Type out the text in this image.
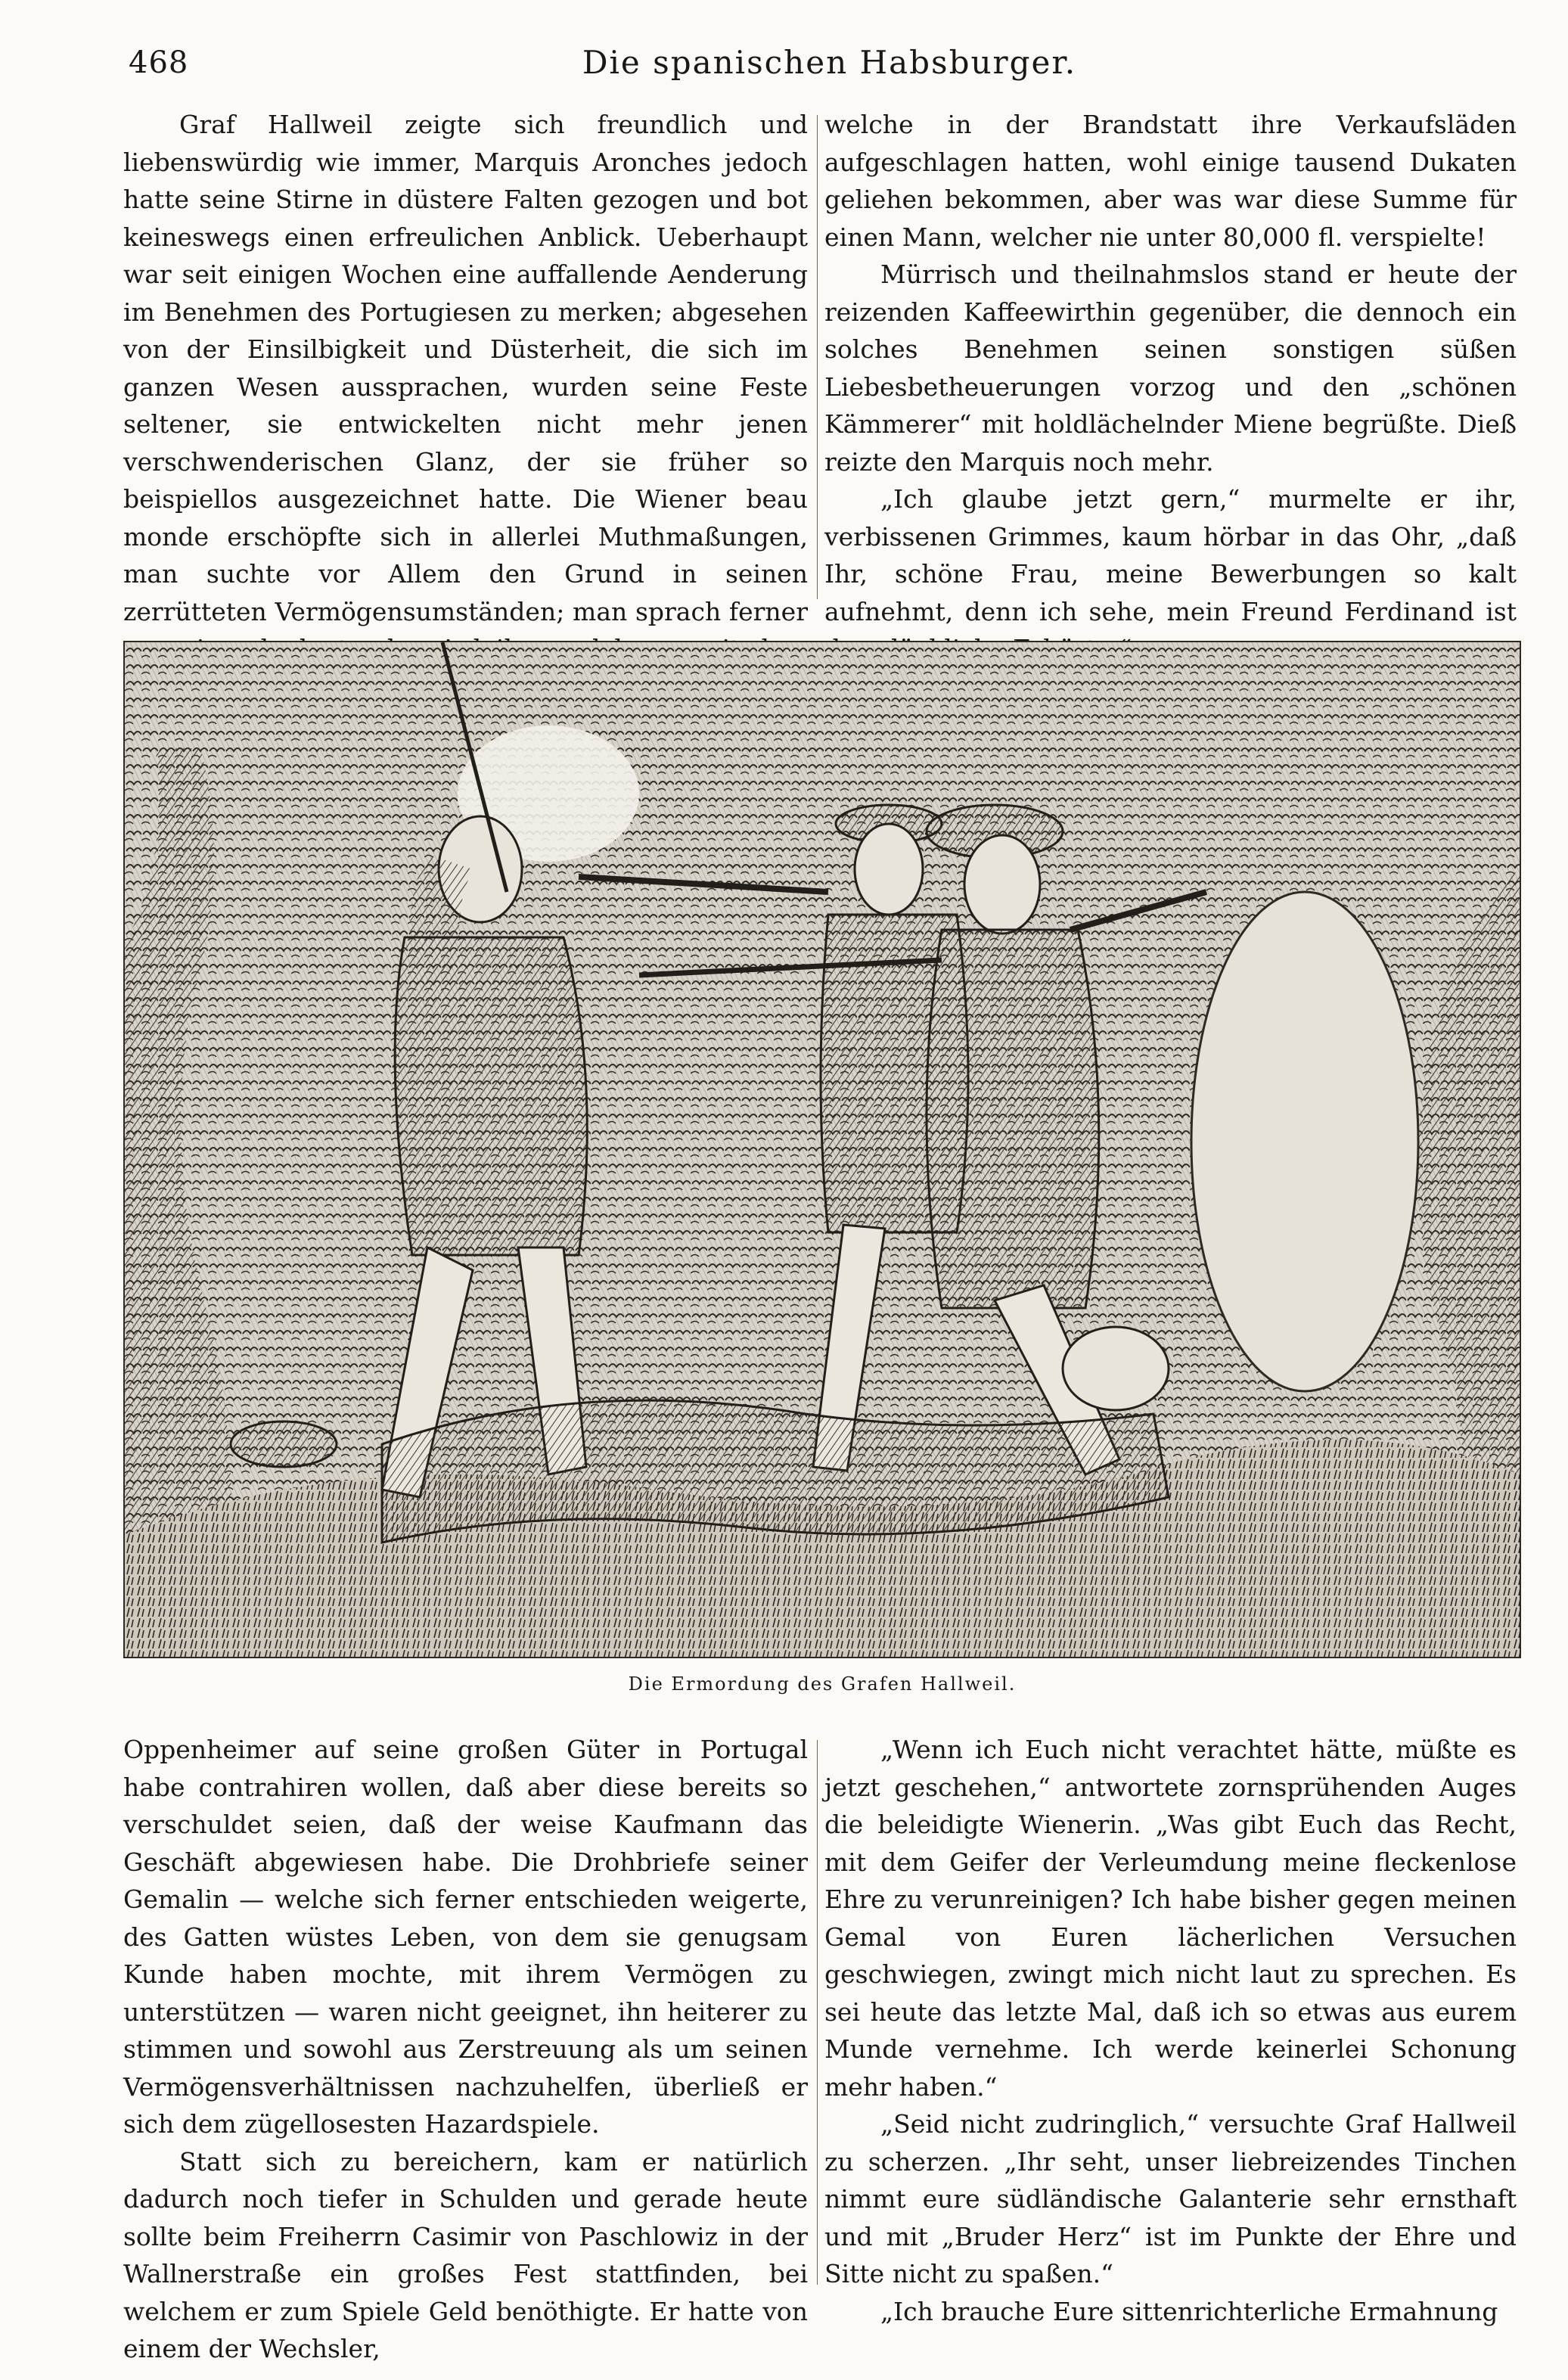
468	Die spanischen Habsburger.

Graf Hallweil zeigte sich freundlich und liebenswürdig wie immer, Marquis Aronches jedoch hatte seine Stirne in düstere Falten gezogen und bot keineswegs einen erfreulichen Anblick. Ueberhaupt war seit einigen Wochen eine auffallende Aenderung im Benehmen des Portugiesen zu merken; abgesehen von der Einsilbigkeit und Düsterheit, die sich im ganzen Wesen aussprachen, wurden seine Feste seltener, sie entwickelten nicht mehr jenen verschwenderischen Glanz, der sie früher so beispiellos ausgezeichnet hatte. Die Wiener beau monde erschöpfte sich in allerlei Muthmaßungen, man suchte vor Allem den Grund in seinen zerrütteten Vermögensumständen; man sprach ferner

welche in der Brandstatt ihre Verkaufsläden aufgeschlagen hatten, wohl einige tausend Dukaten geliehen bekommen, aber was war diese Summe für einen Mann, welcher nie unter 80,000 fl. verspielte!

Mürrisch und theilnahmslos stand er heute der reizenden Kaffeewirthin gegenüber, die dennoch ein solches Benehmen seinen sonstigen süßen Liebesbetheuerungen vorzog und den „schönen Kämmerer“ mit holdlächelnder Miene begrüßte. Dieß reizte den Marquis noch mehr.

„Ich glaube jetzt gern,“ murmelte er ihr, verbissenen Grimmes, kaum hörbar in das Ohr, „daß Ihr, schöne Frau, meine Bewerbungen so kalt aufnehmt, denn ich sehe, mein Freund Ferdinand ist

Die Ermordung des Grafen Hallweil.

Oppenheimer auf seine großen Güter in Portugal habe contrahiren wollen, daß aber diese bereits so verschuldet seien, daß der weise Kaufmann das Geschäft abgewiesen habe. Die Drohbriefe seiner Gemalin — welche sich ferner entschieden weigerte, des Gatten wüstes Leben, von dem sie genugsam Kunde haben mochte, mit ihrem Vermögen zu unterstützen — waren nicht geeignet, ihn heiterer zu stimmen und sowohl aus Zerstreuung als um seinen Vermögensverhältnissen nachzuhelfen, überließ er sich dem zügellosesten Hazardspiele.

Statt sich zu bereichern, kam er natürlich dadurch noch tiefer in Schulden und gerade heute sollte beim Freiherrn Casimir von Paschlowiz in der Wallnerstraße ein großes Fest stattfinden, bei welchem er zum Spiele Geld benöthigte. Er hatte von einem der Wechsler,

„Wenn ich Euch nicht verachtet hätte, müßte es jetzt geschehen,“ antwortete zornsprühenden Auges die beleidigte Wienerin. „Was gibt Euch das Recht, mit dem Geifer der Verleumdung meine fleckenlose Ehre zu verunreinigen? Ich habe bisher gegen meinen Gemal von Euren lächerlichen Versuchen geschwiegen, zwingt mich nicht laut zu sprechen. Es sei heute das letzte Mal, daß ich so etwas aus eurem Munde vernehme. Ich werde keinerlei Schonung mehr haben.“

„Seid nicht zudringlich,“ versuchte Graf Hallweil zu scherzen. „Ihr seht, unser liebreizendes Tinchen nimmt eure südländische Galanterie sehr ernsthaft und mit „Bruder Herz“ ist im Punkte der Ehre und Sitte nicht zu spaßen.“

„Ich brauche Eure sittenrichterliche Ermahnung
